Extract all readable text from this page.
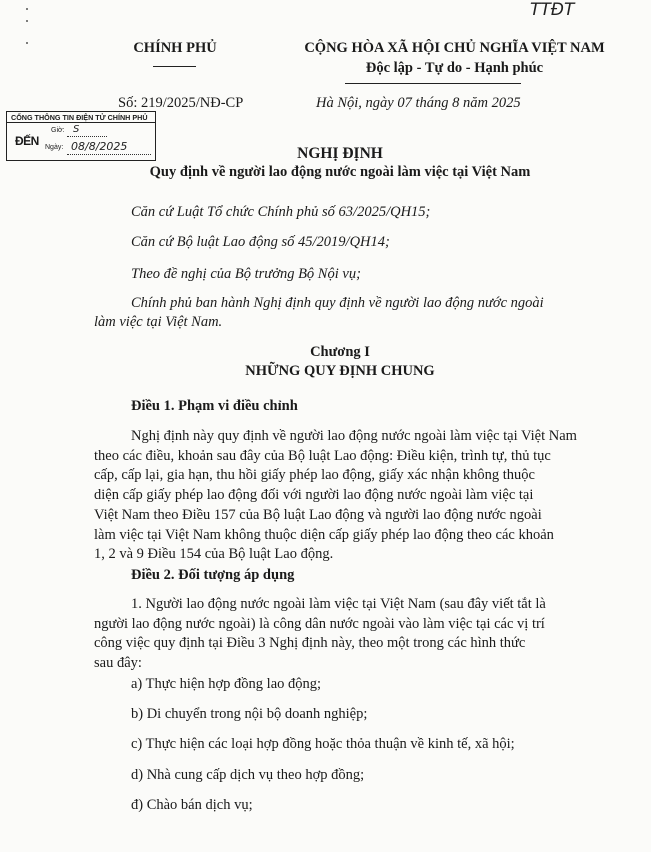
TTĐT
CHÍNH PHỦ	CỘNG HÒA XÃ HỘI CHỦ NGHĨA VIỆT NAM
Độc lập - Tự do - Hạnh phúc
Số: 219/2025/NĐ-CP	Hà Nội, ngày 07 tháng 8 năm 2025
CỔNG THÔNG TIN ĐIỆN TỬ CHÍNH PHỦ
ĐẾN
Giờ: S
Ngày: 08/8/2025	NGHỊ ĐỊNH
Quy định về người lao động nước ngoài làm việc tại Việt Nam
Căn cứ Luật Tổ chức Chính phủ số 63/2025/QH15;
Căn cứ Bộ luật Lao động số 45/2019/QH14;
Theo đề nghị của Bộ trưởng Bộ Nội vụ;
Chính phủ ban hành Nghị định quy định về người lao động nước ngoài
làm việc tại Việt Nam.
Chương I
NHỮNG QUY ĐỊNH CHUNG
Điều 1. Phạm vi điều chỉnh
Nghị định này quy định về người lao động nước ngoài làm việc tại Việt Nam
theo các điều, khoản sau đây của Bộ luật Lao động: Điều kiện, trình tự, thủ tục
cấp, cấp lại, gia hạn, thu hồi giấy phép lao động, giấy xác nhận không thuộc
diện cấp giấy phép lao động đối với người lao động nước ngoài làm việc tại
Việt Nam theo Điều 157 của Bộ luật Lao động và người lao động nước ngoài
làm việc tại Việt Nam không thuộc diện cấp giấy phép lao động theo các khoản
1, 2 và 9 Điều 154 của Bộ luật Lao động.
Điều 2. Đối tượng áp dụng
1. Người lao động nước ngoài làm việc tại Việt Nam (sau đây viết tắt là
người lao động nước ngoài) là công dân nước ngoài vào làm việc tại các vị trí
công việc quy định tại Điều 3 Nghị định này, theo một trong các hình thức
sau đây:
a) Thực hiện hợp đồng lao động;
b) Di chuyển trong nội bộ doanh nghiệp;
c) Thực hiện các loại hợp đồng hoặc thỏa thuận về kinh tế, xã hội;
d) Nhà cung cấp dịch vụ theo hợp đồng;
đ) Chào bán dịch vụ;
